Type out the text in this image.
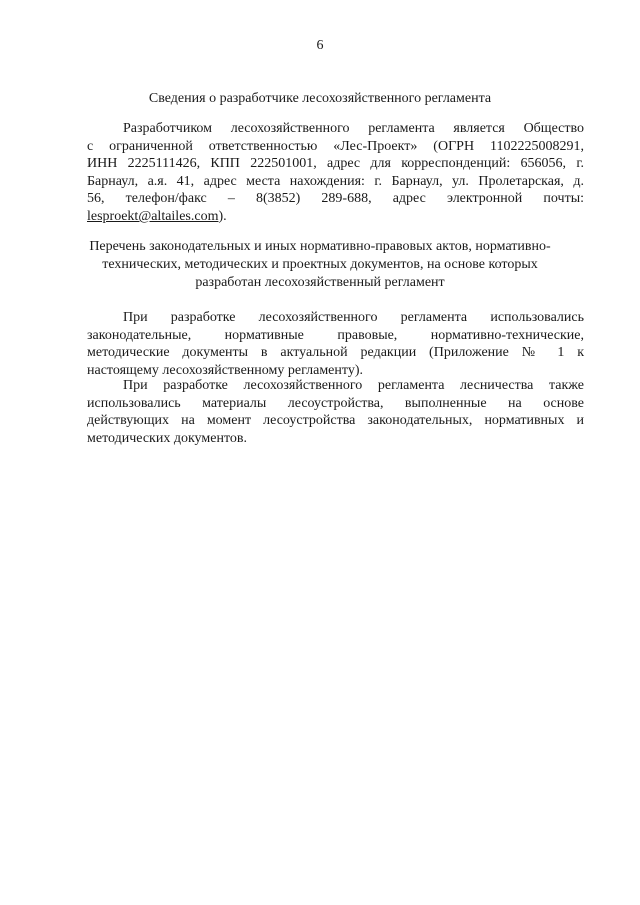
6
Сведения о разработчике лесохозяйственного регламента
Разработчиком лесохозяйственного регламента является Общество
с ограниченной ответственностью «Лес-Проект» (ОГРН 1102225008291,
ИНН 2225111426, КПП 222501001, адрес для корреспонденций: 656056, г.
Барнаул, а.я. 41, адрес места нахождения: г. Барнаул, ул. Пролетарская, д.
56, телефон/факс – 8(3852) 289-688, адрес электронной почты:
lesproekt@altailes.com).
Перечень законодательных и иных нормативно-правовых актов, нормативно-
технических, методических и проектных документов, на основе которых
разработан лесохозяйственный регламент
При разработке лесохозяйственного регламента использовались
законодательные, нормативные правовые, нормативно-технические,
методические документы в актуальной редакции (Приложение № 1 к
настоящему лесохозяйственному регламенту).
При разработке лесохозяйственного регламента лесничества также
использовались материалы лесоустройства, выполненные на основе
действующих на момент лесоустройства законодательных, нормативных и
методических документов.
